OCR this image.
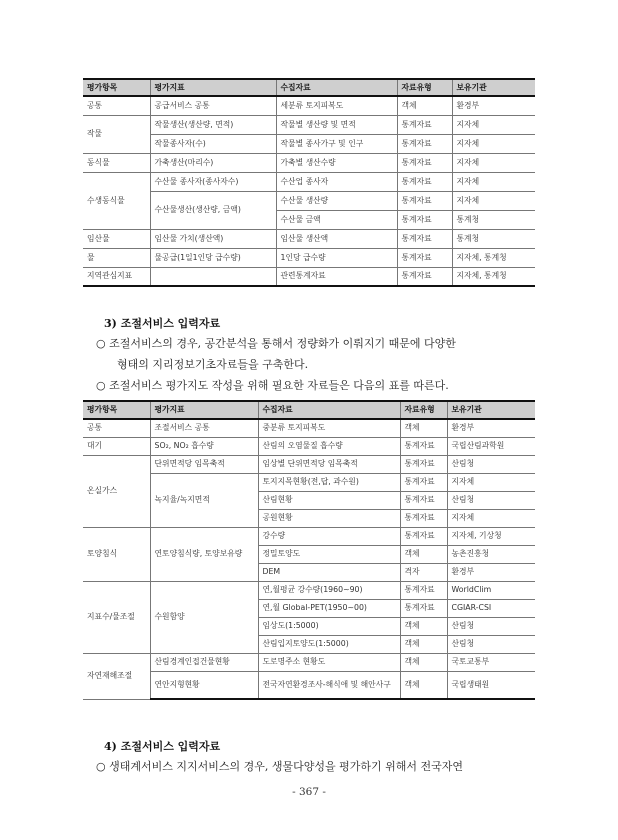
평가항목	평가지표	수집자료	자료유형	보유기관
공통	공급서비스 공통	세분류 토지피복도	객체	환경부
작물	작물생산(생산량, 면적)	작물별 생산량 및 면적	통계자료	지자체
	작물종사자(수)	작물별 종사가구 및 인구	통계자료	지자체
동식물	가축생산(마리수)	가축별 생산수량	통계자료	지자체
수생동식물	수산물 종사자(종사자수)	수산업 종사자	통계자료	지자체
	수산물생산(생산량, 금액)	수산물 생산량	통계자료	지자체
		수산물 금액	통계자료	통계청
임산물	임산물 가치(생산액)	임산물 생산액	통계자료	통계청
물	물공급(1일1인당 급수량)	1인당 급수량	통계자료	지자체, 통계청
지역관심지표		관련통계자료	통계자료	지자체, 통계청
3) 조절서비스 입력자료
○ 조절서비스의 경우, 공간분석을 통해서 정량화가 이뤄지기 때문에 다양한
형태의 지리정보기초자료들을 구축한다.
○ 조절서비스 평가지도 작성을 위해 필요한 자료들은 다음의 표를 따른다.
평가항목	평가지표	수집자료	자료유형	보유기관
공통	조절서비스 공통	중분류 토지피복도	객체	환경부
대기	SO₂, NO₂ 흡수량	산림의 오염물질 흡수량	통계자료	국립산림과학원
온실가스	단위면적당 임목축적	임상별 단위면적당 임목축적	통계자료	산림청
	녹지율/녹지면적	토지지목현황(전,답, 과수원)	통계자료	지자체
		산림현황	통계자료	산림청
		공원현황	통계자료	지자체
토양침식	연토양침식량, 토양보유량	강수량	통계자료	지자체, 기상청
		정밀토양도	객체	농촌진흥청
		DEM	격자	환경부
지표수/물조절	수원함양	연,월평균 강수량(1960~90)	통계자료	WorldClim
		연,월 Global-PET(1950~00)	통계자료	CGIAR-CSI
		임상도(1:5000)	객체	산림청
		산림입지토양도(1:5000)	객체	산림청
자연재해조절	산림경계인접건물현황	도로명주소 현황도	객체	국토교통부
	연안지형현황	전국자연환경조사-해식애 및 해안사구	객체	국립생태원
4) 조절서비스 입력자료
○ 생태계서비스 지지서비스의 경우, 생물다양성을 평가하기 위해서 전국자연
- 367 -
